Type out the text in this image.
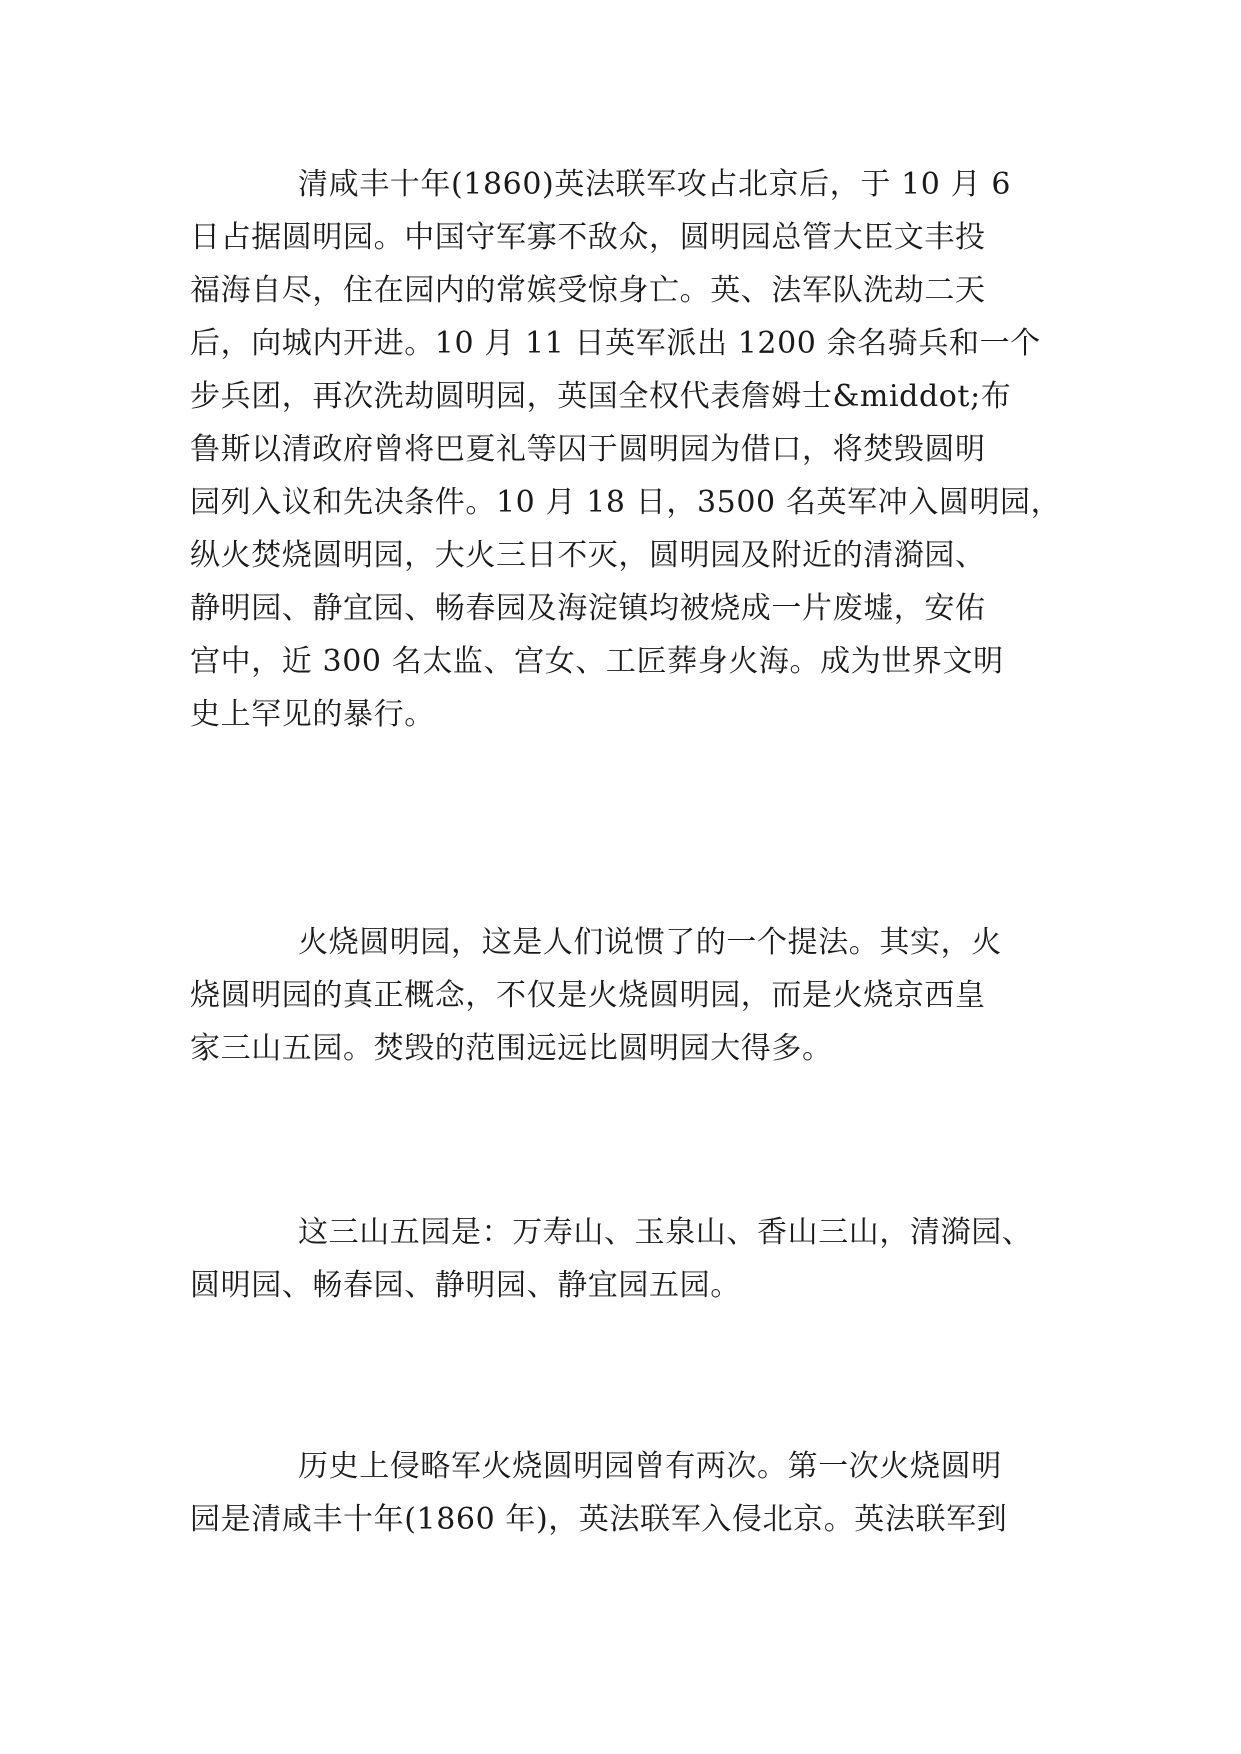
清咸丰十年(1860)英法联军攻占北京后，于 10 月 6
日占据圆明园。中国守军寡不敌众，圆明园总管大臣文丰投
福海自尽，住在园内的常嫔受惊身亡。英、法军队洗劫二天
后，向城内开进。10 月 11 日英军派出 1200 余名骑兵和一个
步兵团，再次洗劫圆明园，英国全权代表詹姆士&middot;布
鲁斯以清政府曾将巴夏礼等囚于圆明园为借口，将焚毁圆明
园列入议和先决条件。10 月 18 日，3500 名英军冲入圆明园，
纵火焚烧圆明园，大火三日不灭，圆明园及附近的清漪园、
静明园、静宜园、畅春园及海淀镇均被烧成一片废墟，安佑
宫中，近 300 名太监、宫女、工匠葬身火海。成为世界文明
史上罕见的暴行。
火烧圆明园，这是人们说惯了的一个提法。其实，火
烧圆明园的真正概念，不仅是火烧圆明园，而是火烧京西皇
家三山五园。焚毁的范围远远比圆明园大得多。
这三山五园是：万寿山、玉泉山、香山三山，清漪园、
圆明园、畅春园、静明园、静宜园五园。
历史上侵略军火烧圆明园曾有两次。第一次火烧圆明
园是清咸丰十年(1860 年)，英法联军入侵北京。英法联军到
